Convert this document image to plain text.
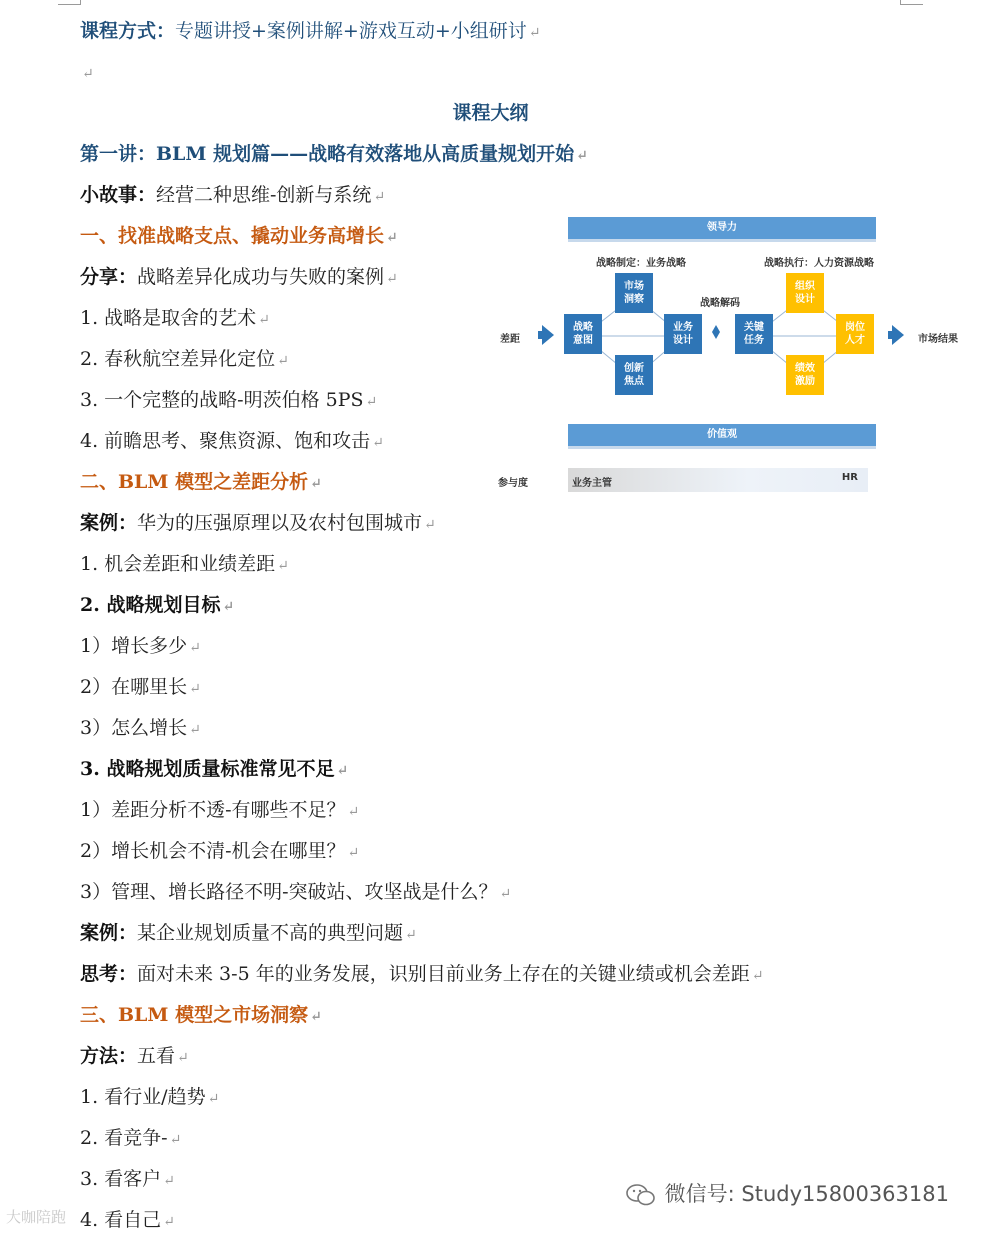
课程方式：专题讲授+案例讲解+游戏互动+小组研讨 ↵
↵
课程大纲
第一讲：BLM 规划篇——战略有效落地从高质量规划开始 ↵
小故事：经营二种思维-创新与系统 ↵
一、找准战略支点、撬动业务高增长 ↵
分享：战略差异化成功与失败的案例 ↵
1. 战略是取舍的艺术 ↵
2. 春秋航空差异化定位 ↵
3. 一个完整的战略-明茨伯格 5PS ↵
4. 前瞻思考、聚焦资源、饱和攻击 ↵
二、BLM 模型之差距分析 ↵
案例：华为的压强原理以及农村包围城市 ↵
1. 机会差距和业绩差距 ↵
2. 战略规划目标 ↵
1）增长多少 ↵
2）在哪里长 ↵
3）怎么增长 ↵
3. 战略规划质量标准常见不足 ↵
1）差距分析不透-有哪些不足？ ↵
2）增长机会不清-机会在哪里？ ↵
3）管理、增长路径不明-突破站、攻坚战是什么？ ↵
案例：某企业规划质量不高的典型问题 ↵
思考：面对未来 3-5 年的业务发展，识别目前业务上存在的关键业绩或机会差距 ↵
三、BLM 模型之市场洞察 ↵
方法：五看 ↵
1. 看行业/趋势 ↵
2. 看竞争- ↵
3. 看客户 ↵
4. 看自己 ↵
领导力
战略制定：业务战略	战略执行：人力资源战略
战略
意图
市场
洞察
创新
焦点
业务
设计
战略解码
关键
任务
组织
设计
绩效
激励
岗位
人才
差距	市场结果
价值观
参与度	业务主管
HR
大咖陪跑
微信号: Study15800363181
